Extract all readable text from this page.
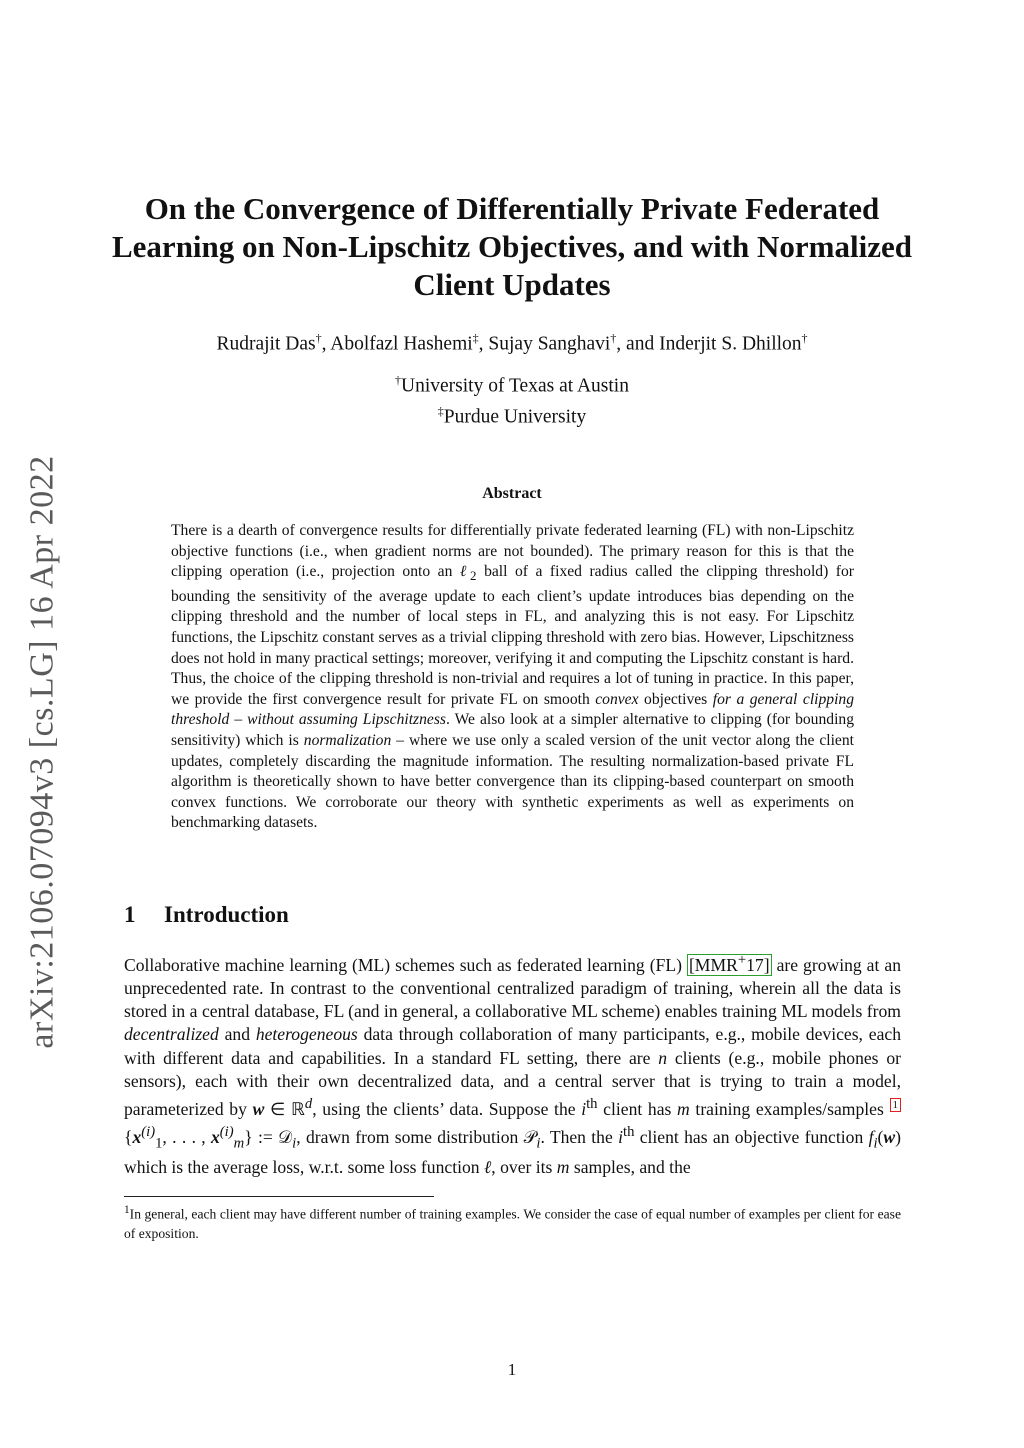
arXiv:2106.07094v3 [cs.LG] 16 Apr 2022
On the Convergence of Differentially Private Federated Learning on Non-Lipschitz Objectives, and with Normalized Client Updates
Rudrajit Das†, Abolfazl Hashemi‡, Sujay Sanghavi†, and Inderjit S. Dhillon†
†University of Texas at Austin
‡Purdue University
Abstract

There is a dearth of convergence results for differentially private federated learning (FL) with non-Lipschitz objective functions (i.e., when gradient norms are not bounded). The primary reason for this is that the clipping operation (i.e., projection onto an ℓ$_2$ ball of a fixed radius called the clipping threshold) for bounding the sensitivity of the average update to each client’s update introduces bias depending on the clipping threshold and the number of local steps in FL, and analyzing this is not easy. For Lipschitz functions, the Lipschitz constant serves as a trivial clipping threshold with zero bias. However, Lipschitzness does not hold in many practical settings; moreover, verifying it and computing the Lipschitz constant is hard. Thus, the choice of the clipping threshold is non-trivial and requires a lot of tuning in practice. In this paper, we provide the first convergence result for private FL on smooth convex objectives for a general clipping threshold – without assuming Lipschitzness. We also look at a simpler alternative to clipping (for bounding sensitivity) which is normalization – where we use only a scaled version of the unit vector along the client updates, completely discarding the magnitude information. The resulting normalization-based private FL algorithm is theoretically shown to have better convergence than its clipping-based counterpart on smooth convex functions. We corroborate our theory with synthetic experiments as well as experiments on benchmarking datasets.

1 Introduction

Collaborative machine learning (ML) schemes such as federated learning (FL) [MMR+17] are growing at an unprecedented rate. In contrast to the conventional centralized paradigm of training, wherein all the data is stored in a central database, FL (and in general, a collaborative ML scheme) enables training ML models from decentralized and heterogeneous data through collaboration of many participants, e.g., mobile devices, each with different data and capabilities. In a standard FL setting, there are n clients (e.g., mobile phones or sensors), each with their own decentralized data, and a central server that is trying to train a model, parameterized by w ∈ ℝ$^d$, using the clients’ data. Suppose the $i^{th}$ client has m training examples/samples $^1$ {$x^{(i)}_1$, . . . , $x^{(i)}_m$} := 𝒟$_i$, drawn from some distribution 𝒫$_i$. Then the $i^{th}$ client has an objective function $f_i(w)$ which is the average loss, w.r.t. some loss function ℓ, over its m samples, and the

$^1$In general, each client may have different number of training examples. We consider the case of equal number of examples per client for ease of exposition.

1
